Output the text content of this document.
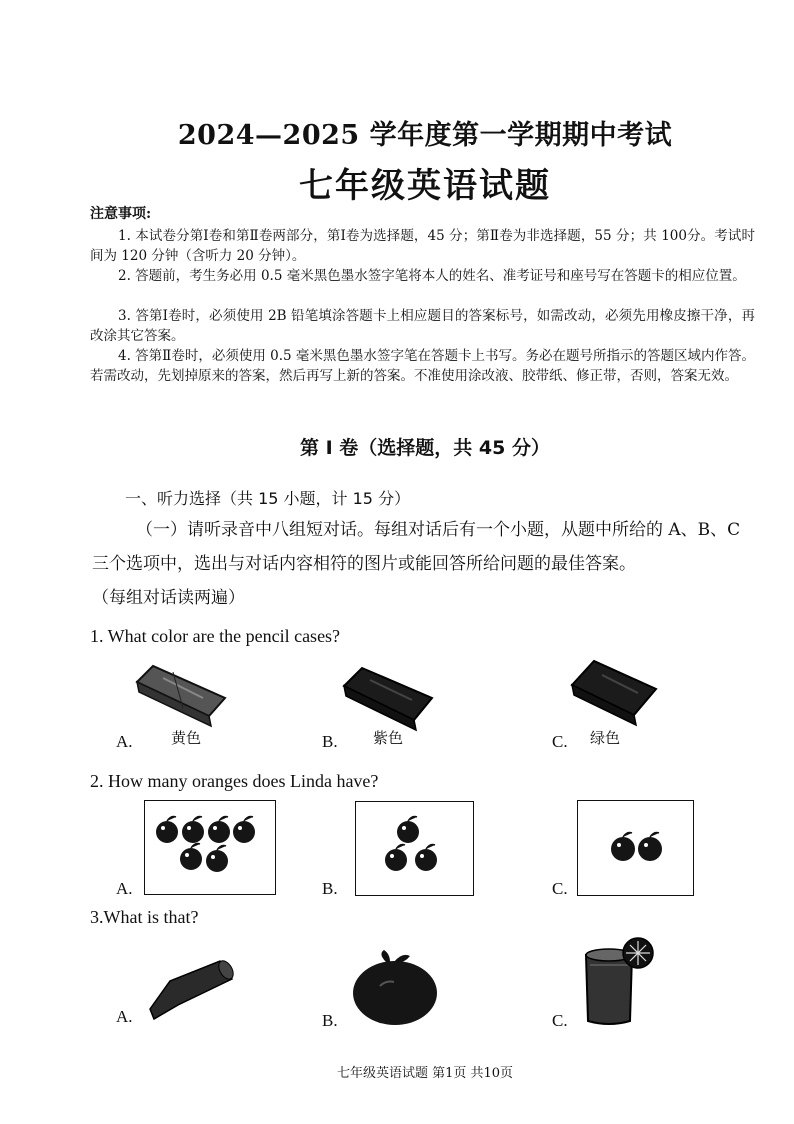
2024—2025 学年度第一学期期中考试
七年级英语试题
注意事项:
1. 本试卷分第Ⅰ卷和第Ⅱ卷两部分，第Ⅰ卷为选择题，45 分；第Ⅱ卷为非选择题，55 分；共 100分。考试时间为 120 分钟（含听力 20 分钟）。
2. 答题前，考生务必用 0.5 毫米黑色墨水签字笔将本人的姓名、准考证号和座号写在答题卡的相应位置。
3. 答第Ⅰ卷时，必须使用 2B 铅笔填涂答题卡上相应题目的答案标号，如需改动，必须先用橡皮擦干净，再改涂其它答案。
4. 答第Ⅱ卷时，必须使用 0.5 毫米黑色墨水签字笔在答题卡上书写。务必在题号所指示的答题区域内作答。若需改动，先划掉原来的答案，然后再写上新的答案。不准使用涂改液、胶带纸、修正带，否则，答案无效。
第 Ⅰ 卷（选择题，共 45 分）
一、听力选择（共 15 小题，计 15 分）
（一）请听录音中八组短对话。每组对话后有一个小题，从题中所给的 A、B、C 三个选项中，选出与对话内容相符的图片或能回答所给问题的最佳答案。
（每组对话读两遍）
1. What color are the pencil cases?
A.	黄色	B. 紫色	C. 绿色
2. How many oranges does Linda have?
A.	B.	C.
3.What is that?
A.	B.	C.
七年级英语试题 第1页 共10页
